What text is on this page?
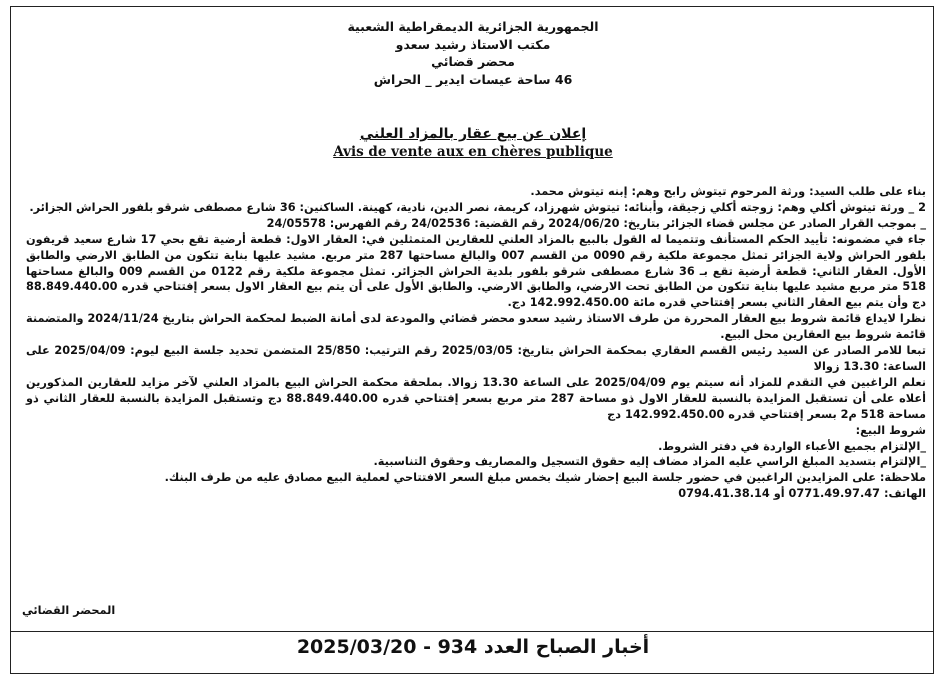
الجمهورية الجزائرية الديمقراطية الشعبية
مكتب الاستاذ رشيد سعدو
محضر قضائي
46 ساحة عيسات ايدير _ الحراش
إعلان عن بيع عقار بالمزاد العلني
Avis de vente aux en chères publique

بناء على طلب السيد: ورثة المرحوم تيتوش رابح وهم: إبنه تيتوش محمد.

2 _ ورثة تيتوش أكلي وهم: زوجته أكلي زجيقة، وأبنائه: تيتوش شهرزاد، كريمة، نصر الدين، نادية، كهينة. الساكنين: 36 شارع مصطفى شرقو بلفور الحراش الجزائر.

_ بموجب القرار الصادر عن مجلس قضاء الجزائر بتاريخ: 2024/06/20 رقم القضية: 24/02536 رقم الفهرس: 24/05578

جاء في مضمونه: تأييد الحكم المستأنف وتتميما له القول بالبيع بالمزاد العلني للعقارين المتمثلين في: العقار الاول: قطعة أرضية تقع بحي 17 شارع سعيد قريفون بلفور الحراش ولاية الجزائر تمثل مجموعة ملكية رقم 0090 من القسم 007 والبالغ مساحتها 287 متر مربع. مشيد عليها بناية تتكون من الطابق الارضي والطابق الأول. العقار الثاني: قطعة أرضية تقع بـ 36 شارع مصطفى شرقو بلفور بلدية الحراش الجزائر. تمثل مجموعة ملكية رقم 0122 من القسم 009 والبالغ مساحتها 518 متر مربع مشيد عليها بناية تتكون من الطابق تحت الارضي، والطابق الارضي. والطابق الأول على أن يتم بيع العقار الاول بسعر إفتتاحي قدره 88.849.440.00 دج وأن يتم بيع العقار الثاني بسعر إفتتاحي قدره مائة 142.992.450.00 دج.

نظرا لايداع قائمة شروط بيع العقار المحررة من طرف الاستاذ رشيد سعدو محضر قضائي والمودعة لدى أمانة الضبط لمحكمة الحراش بتاريخ 2024/11/24 والمتضمنة قائمة شروط بيع العقارين محل البيع.

تبعا للامر الصادر عن السيد رئيس القسم العقاري بمحكمة الحراش بتاريخ: 2025/03/05 رقم الترتيب: 25/850 المتضمن تحديد جلسة البيع ليوم: 2025/04/09 على الساعة: 13.30 زوالا

نعلم الراغبين في التقدم للمزاد أنه سيتم يوم 2025/04/09 على الساعة 13.30 زوالا. بملحقة محكمة الحراش البيع بالمزاد العلني لآخر مزايد للعقارين المذكورين أعلاه على أن تستقبل المزايدة بالنسبة للعقار الاول ذو مساحة 287 متر مربع بسعر إفتتاحي قدره 88.849.440.00 دج وتستقبل المزايدة بالنسبة للعقار الثاني ذو مساحة 518 م2 بسعر إفتتاحي قدره 142.992.450.00 دج

شروط البيع:

_الإلتزام بجميع الأعباء الواردة في دفتر الشروط.

_الإلتزام بتسديد المبلغ الراسي عليه المزاد مضاف إليه حقوق التسجيل والمصاريف وحقوق التناسبية.

ملاحظة: على المزايدين الراغبين في حضور جلسة البيع إحضار شيك بخمس مبلغ السعر الافتتاحي لعملية البيع مصادق عليه من طرف البنك.

الهاتف: 0771.49.97.47 أو 0794.41.38.14

المحضر القضائي
أخبار الصباح العدد 934 - 2025/03/20
